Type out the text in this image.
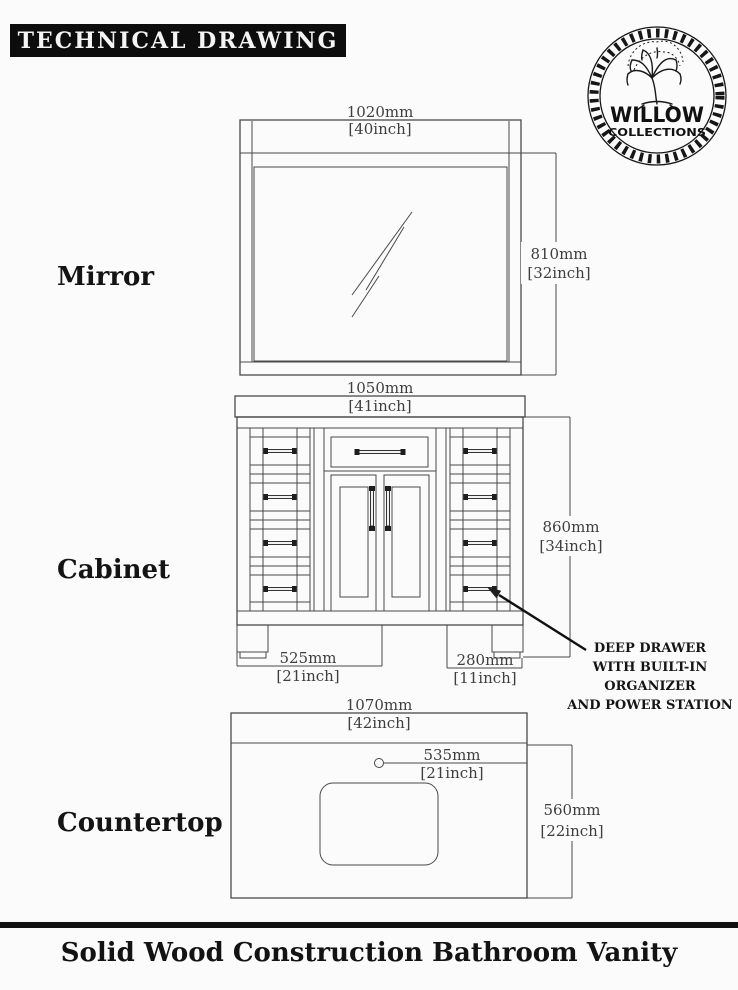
TECHNICAL DRAWING
WILLOW
COLLECTIONS
Mirror
Cabinet
Countertop
1020mm
[40inch]
810mm
[32inch]
1050mm
[41inch]
525mm
[21inch]
280mm
[11inch]
860mm
[34inch]
DEEP DRAWER
WITH BUILT-IN
ORGANIZER
AND POWER STATION
1070mm
[42inch]
535mm
[21inch]
560mm
[22inch]
Solid Wood Construction Bathroom Vanity
